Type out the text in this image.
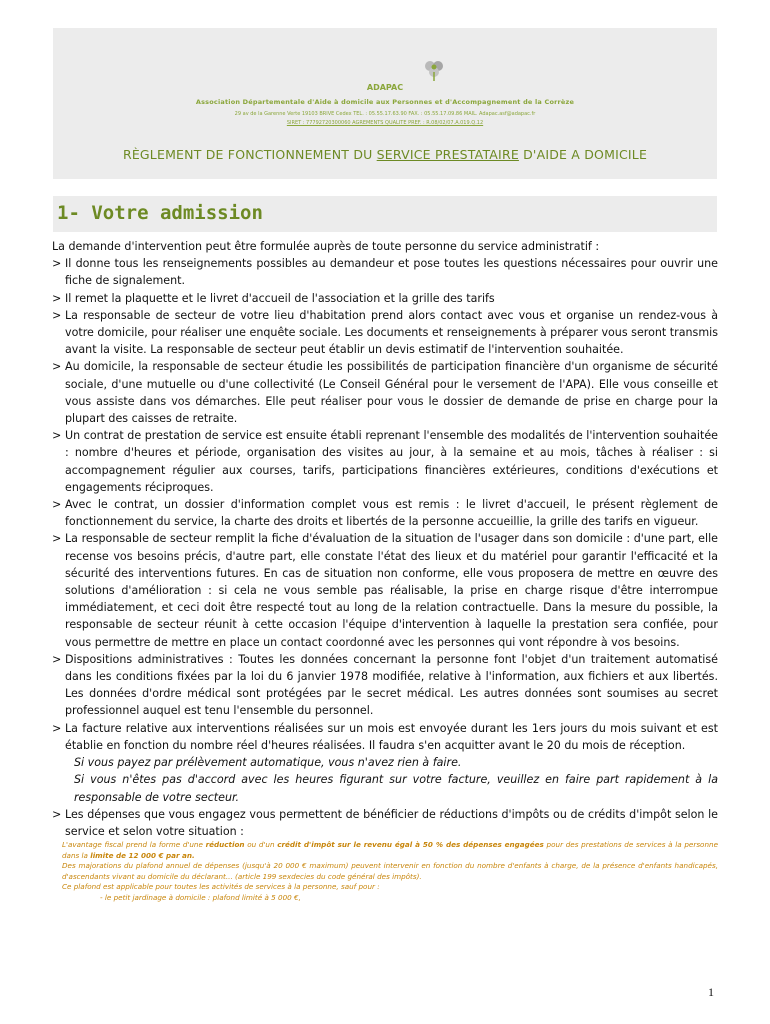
ADAPAC
Association Départementale d'Aide à domicile aux Personnes et d'Accompagnement de la Corrèze
29 av de la Garenne Verte 19103 BRIVE Cedex TEL. : 05.55.17.63.90 FAX. : 05.55.17.09.86 MAIL. Adapac.asf@adapac.fr
SIRET : 77792720300060 AGREMENTS QUALITE PREF. : R.08/02/07.A.019.Q.12
RÈGLEMENT DE FONCTIONNEMENT DU SERVICE PRESTATAIRE D'AIDE A DOMICILE
1- Votre admission

La demande d'intervention peut être formulée auprès de toute personne du service administratif :

> Il donne tous les renseignements possibles au demandeur et pose toutes les questions nécessaires pour ouvrir une fiche de signalement.
> Il remet la plaquette et le livret d'accueil de l'association et la grille des tarifs
> La responsable de secteur de votre lieu d'habitation prend alors contact avec vous et organise un rendez-vous à votre domicile, pour réaliser une enquête sociale. Les documents et renseignements à préparer vous seront transmis avant la visite. La responsable de secteur peut établir un devis estimatif de l'intervention souhaitée.
> Au domicile, la responsable de secteur étudie les possibilités de participation financière d'un organisme de sécurité sociale, d'une mutuelle ou d'une collectivité (Le Conseil Général pour le versement de l'APA). Elle vous conseille et vous assiste dans vos démarches. Elle peut réaliser pour vous le dossier de demande de prise en charge pour la plupart des caisses de retraite.
> Un contrat de prestation de service est ensuite établi reprenant l'ensemble des modalités de l'intervention souhaitée : nombre d'heures et période, organisation des visites au jour, à la semaine et au mois, tâches à réaliser : si accompagnement régulier aux courses, tarifs, participations financières extérieures, conditions d'exécutions et engagements réciproques.
> Avec le contrat, un dossier d'information complet vous est remis : le livret d'accueil, le présent règlement de fonctionnement du service, la charte des droits et libertés de la personne accueillie, la grille des tarifs en vigueur.
> La responsable de secteur remplit la fiche d'évaluation de la situation de l'usager dans son domicile : d'une part, elle recense vos besoins précis, d'autre part, elle constate l'état des lieux et du matériel pour garantir l'efficacité et la sécurité des interventions futures. En cas de situation non conforme, elle vous proposera de mettre en œuvre des solutions d'amélioration : si cela ne vous semble pas réalisable, la prise en charge risque d'être interrompue immédiatement, et ceci doit être respecté tout au long de la relation contractuelle. Dans la mesure du possible, la responsable de secteur réunit à cette occasion l'équipe d'intervention à laquelle la prestation sera confiée, pour vous permettre de mettre en place un contact coordonné avec les personnes qui vont répondre à vos besoins.
> Dispositions administratives : Toutes les données concernant la personne font l'objet d'un traitement automatisé dans les conditions fixées par la loi du 6 janvier 1978 modifiée, relative à l'information, aux fichiers et aux libertés. Les données d'ordre médical sont protégées par le secret médical. Les autres données sont soumises au secret professionnel auquel est tenu l'ensemble du personnel.
> La facture relative aux interventions réalisées sur un mois est envoyée durant les 1ers jours du mois suivant et est établie en fonction du nombre réel d'heures réalisées. Il faudra s'en acquitter avant le 20 du mois de réception.
Si vous payez par prélèvement automatique, vous n'avez rien à faire.
Si vous n'êtes pas d'accord avec les heures figurant sur votre facture, veuillez en faire part rapidement à la responsable de votre secteur.
> Les dépenses que vous engagez vous permettent de bénéficier de réductions d'impôts ou de crédits d'impôt selon le service et selon votre situation :

L'avantage fiscal prend la forme d'une réduction ou d'un crédit d'impôt sur le revenu égal à 50 % des dépenses engagées pour des prestations de services à la personne dans la limite de 12 000 € par an.

Des majorations du plafond annuel de dépenses (jusqu'à 20 000 € maximum) peuvent intervenir en fonction du nombre d'enfants à charge, de la présence d'enfants handicapés, d'ascendants vivant au domicile du déclarant... (article 199 sexdecies du code général des impôts).

Ce plafond est applicable pour toutes les activités de services à la personne, sauf pour :

- le petit jardinage à domicile : plafond limité à 5 000 €,

1
